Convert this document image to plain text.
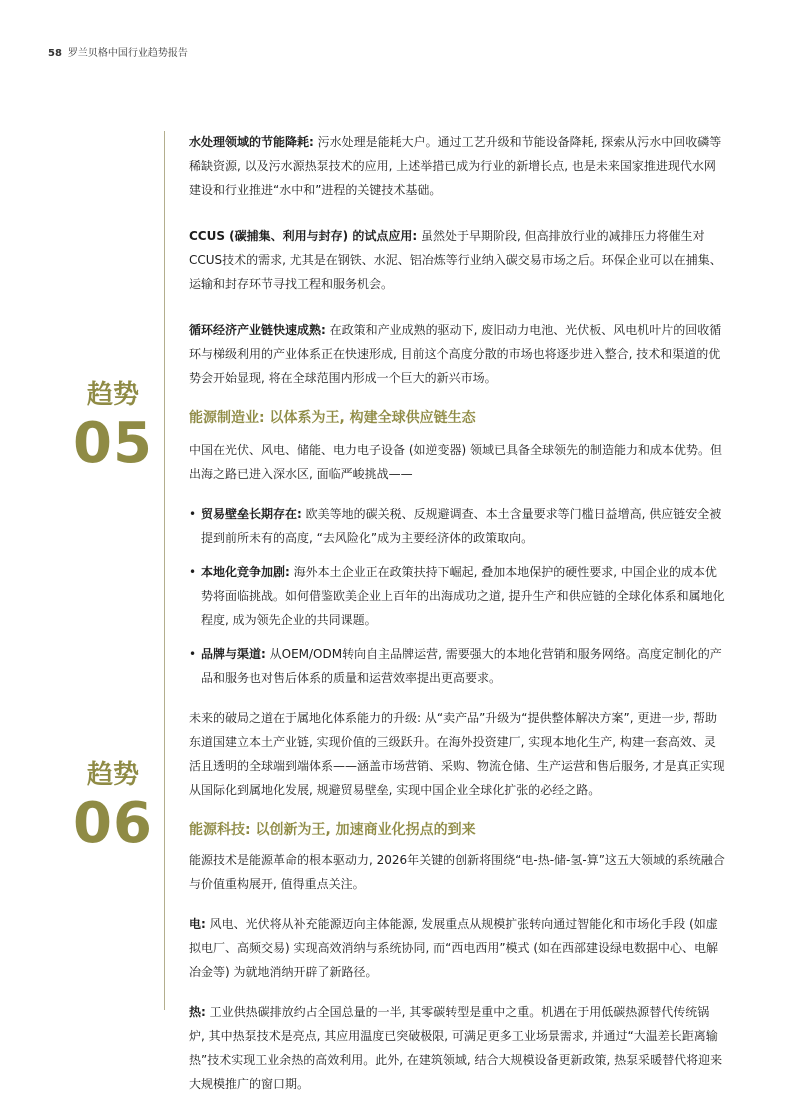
58 罗兰贝格中国行业趋势报告
趋势
05
趋势
06

水处理领域的节能降耗: 污水处理是能耗大户。通过工艺升级和节能设备降耗, 探索从污水中回收磷等稀缺资源, 以及污水源热泵技术的应用, 上述举措已成为行业的新增长点, 也是未来国家推进现代水网建设和行业推进“水中和”进程的关键技术基础。

CCUS (碳捕集、利用与封存) 的试点应用: 虽然处于早期阶段, 但高排放行业的减排压力将催生对CCUS技术的需求, 尤其是在钢铁、水泥、铝冶炼等行业纳入碳交易市场之后。环保企业可以在捕集、运输和封存环节寻找工程和服务机会。

循环经济产业链快速成熟: 在政策和产业成熟的驱动下, 废旧动力电池、光伏板、风电机叶片的回收循环与梯级利用的产业体系正在快速形成, 目前这个高度分散的市场也将逐步进入整合, 技术和渠道的优势会开始显现, 将在全球范围内形成一个巨大的新兴市场。

能源制造业: 以体系为王, 构建全球供应链生态

中国在光伏、风电、储能、电力电子设备 (如逆变器) 领域已具备全球领先的制造能力和成本优势。但出海之路已进入深水区, 面临严峻挑战——

• 贸易壁垒长期存在: 欧美等地的碳关税、反规避调查、本土含量要求等门槛日益增高, 供应链安全被提到前所未有的高度, “去风险化”成为主要经济体的政策取向。
• 本地化竞争加剧: 海外本土企业正在政策扶持下崛起, 叠加本地保护的硬性要求, 中国企业的成本优势将面临挑战。如何借鉴欧美企业上百年的出海成功之道, 提升生产和供应链的全球化体系和属地化程度, 成为领先企业的共同课题。
• 品牌与渠道: 从OEM/ODM转向自主品牌运营, 需要强大的本地化营销和服务网络。高度定制化的产品和服务也对售后体系的质量和运营效率提出更高要求。

未来的破局之道在于属地化体系能力的升级: 从“卖产品”升级为“提供整体解决方案”, 更进一步, 帮助东道国建立本土产业链, 实现价值的三级跃升。在海外投资建厂, 实现本地化生产, 构建一套高效、灵活且透明的全球端到端体系——涵盖市场营销、采购、物流仓储、生产运营和售后服务, 才是真正实现从国际化到属地化发展, 规避贸易壁垒, 实现中国企业全球化扩张的必经之路。

能源科技: 以创新为王, 加速商业化拐点的到来

能源技术是能源革命的根本驱动力, 2026年关键的创新将围绕“电-热-储-氢-算”这五大领域的系统融合与价值重构展开, 值得重点关注。

电: 风电、光伏将从补充能源迈向主体能源, 发展重点从规模扩张转向通过智能化和市场化手段 (如虚拟电厂、高频交易) 实现高效消纳与系统协同, 而“西电西用”模式 (如在西部建设绿电数据中心、电解冶金等) 为就地消纳开辟了新路径。

热: 工业供热碳排放约占全国总量的一半, 其零碳转型是重中之重。机遇在于用低碳热源替代传统锅炉, 其中热泵技术是亮点, 其应用温度已突破极限, 可满足更多工业场景需求, 并通过“大温差长距离输热”技术实现工业余热的高效利用。此外, 在建筑领域, 结合大规模设备更新政策, 热泵采暖替代将迎来大规模推广的窗口期。
